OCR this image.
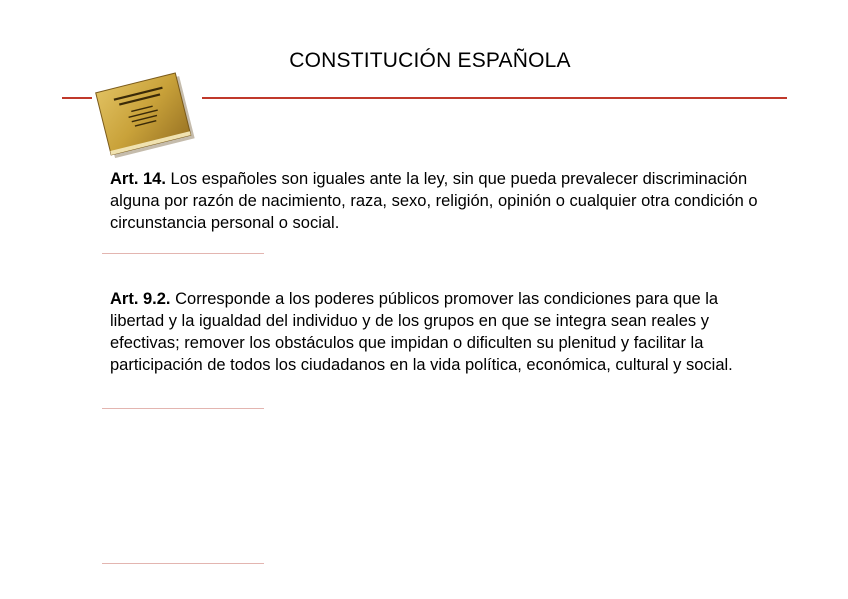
CONSTITUCIÓN ESPAÑOLA
Art. 14. Los españoles son iguales ante la ley, sin que pueda prevalecer discriminación alguna por razón de nacimiento, raza, sexo, religión, opinión o cualquier otra condición o circunstancia personal o social.
Art. 9.2. Corresponde a los poderes públicos promover las condiciones para que la libertad y la igualdad del individuo y de los grupos en que se integra sean reales y efectivas; remover los obstáculos que impidan o dificulten su plenitud y facilitar la participación de todos los ciudadanos en la vida política, económica, cultural y social.
